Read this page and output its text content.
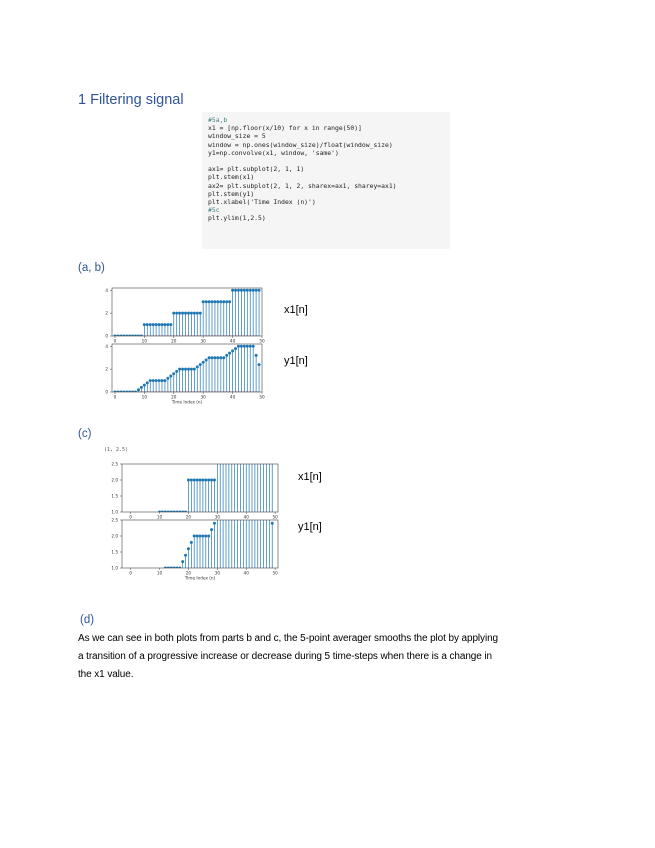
1 Filtering signal
#5a,b
x1 = [np.floor(x/10) for x in range(50)]
window_size = 5
window = np.ones(window_size)/float(window_size)
y1=np.convolve(x1, window, 'same')

ax1= plt.subplot(2, 1, 1)
plt.stem(x1)
ax2= plt.subplot(2, 1, 2, sharex=ax1, sharey=ax1)
plt.stem(y1)
plt.xlabel('Time Index (n)')
#5c
plt.ylim(1,2.5)
(a, b)
(c)
(d)
x1[n]
y1[n]
x1[n]
y1[n]
(1, 2.5)
0
2
4
0	10	20	30	40	50
0
2
4
0	10	20	30	40	50
Time Index (n)
1.0
1.5
2.0
2.5
0	10	20	30	40	50
1.0
1.5
2.0
2.5
0	10	20	30	40	50
Time Index (n)
As we can see in both plots from parts b and c, the 5-point averager smooths the plot by applying
a transition of a progressive increase or decrease during 5 time-steps when there is a change in
the x1 value.
